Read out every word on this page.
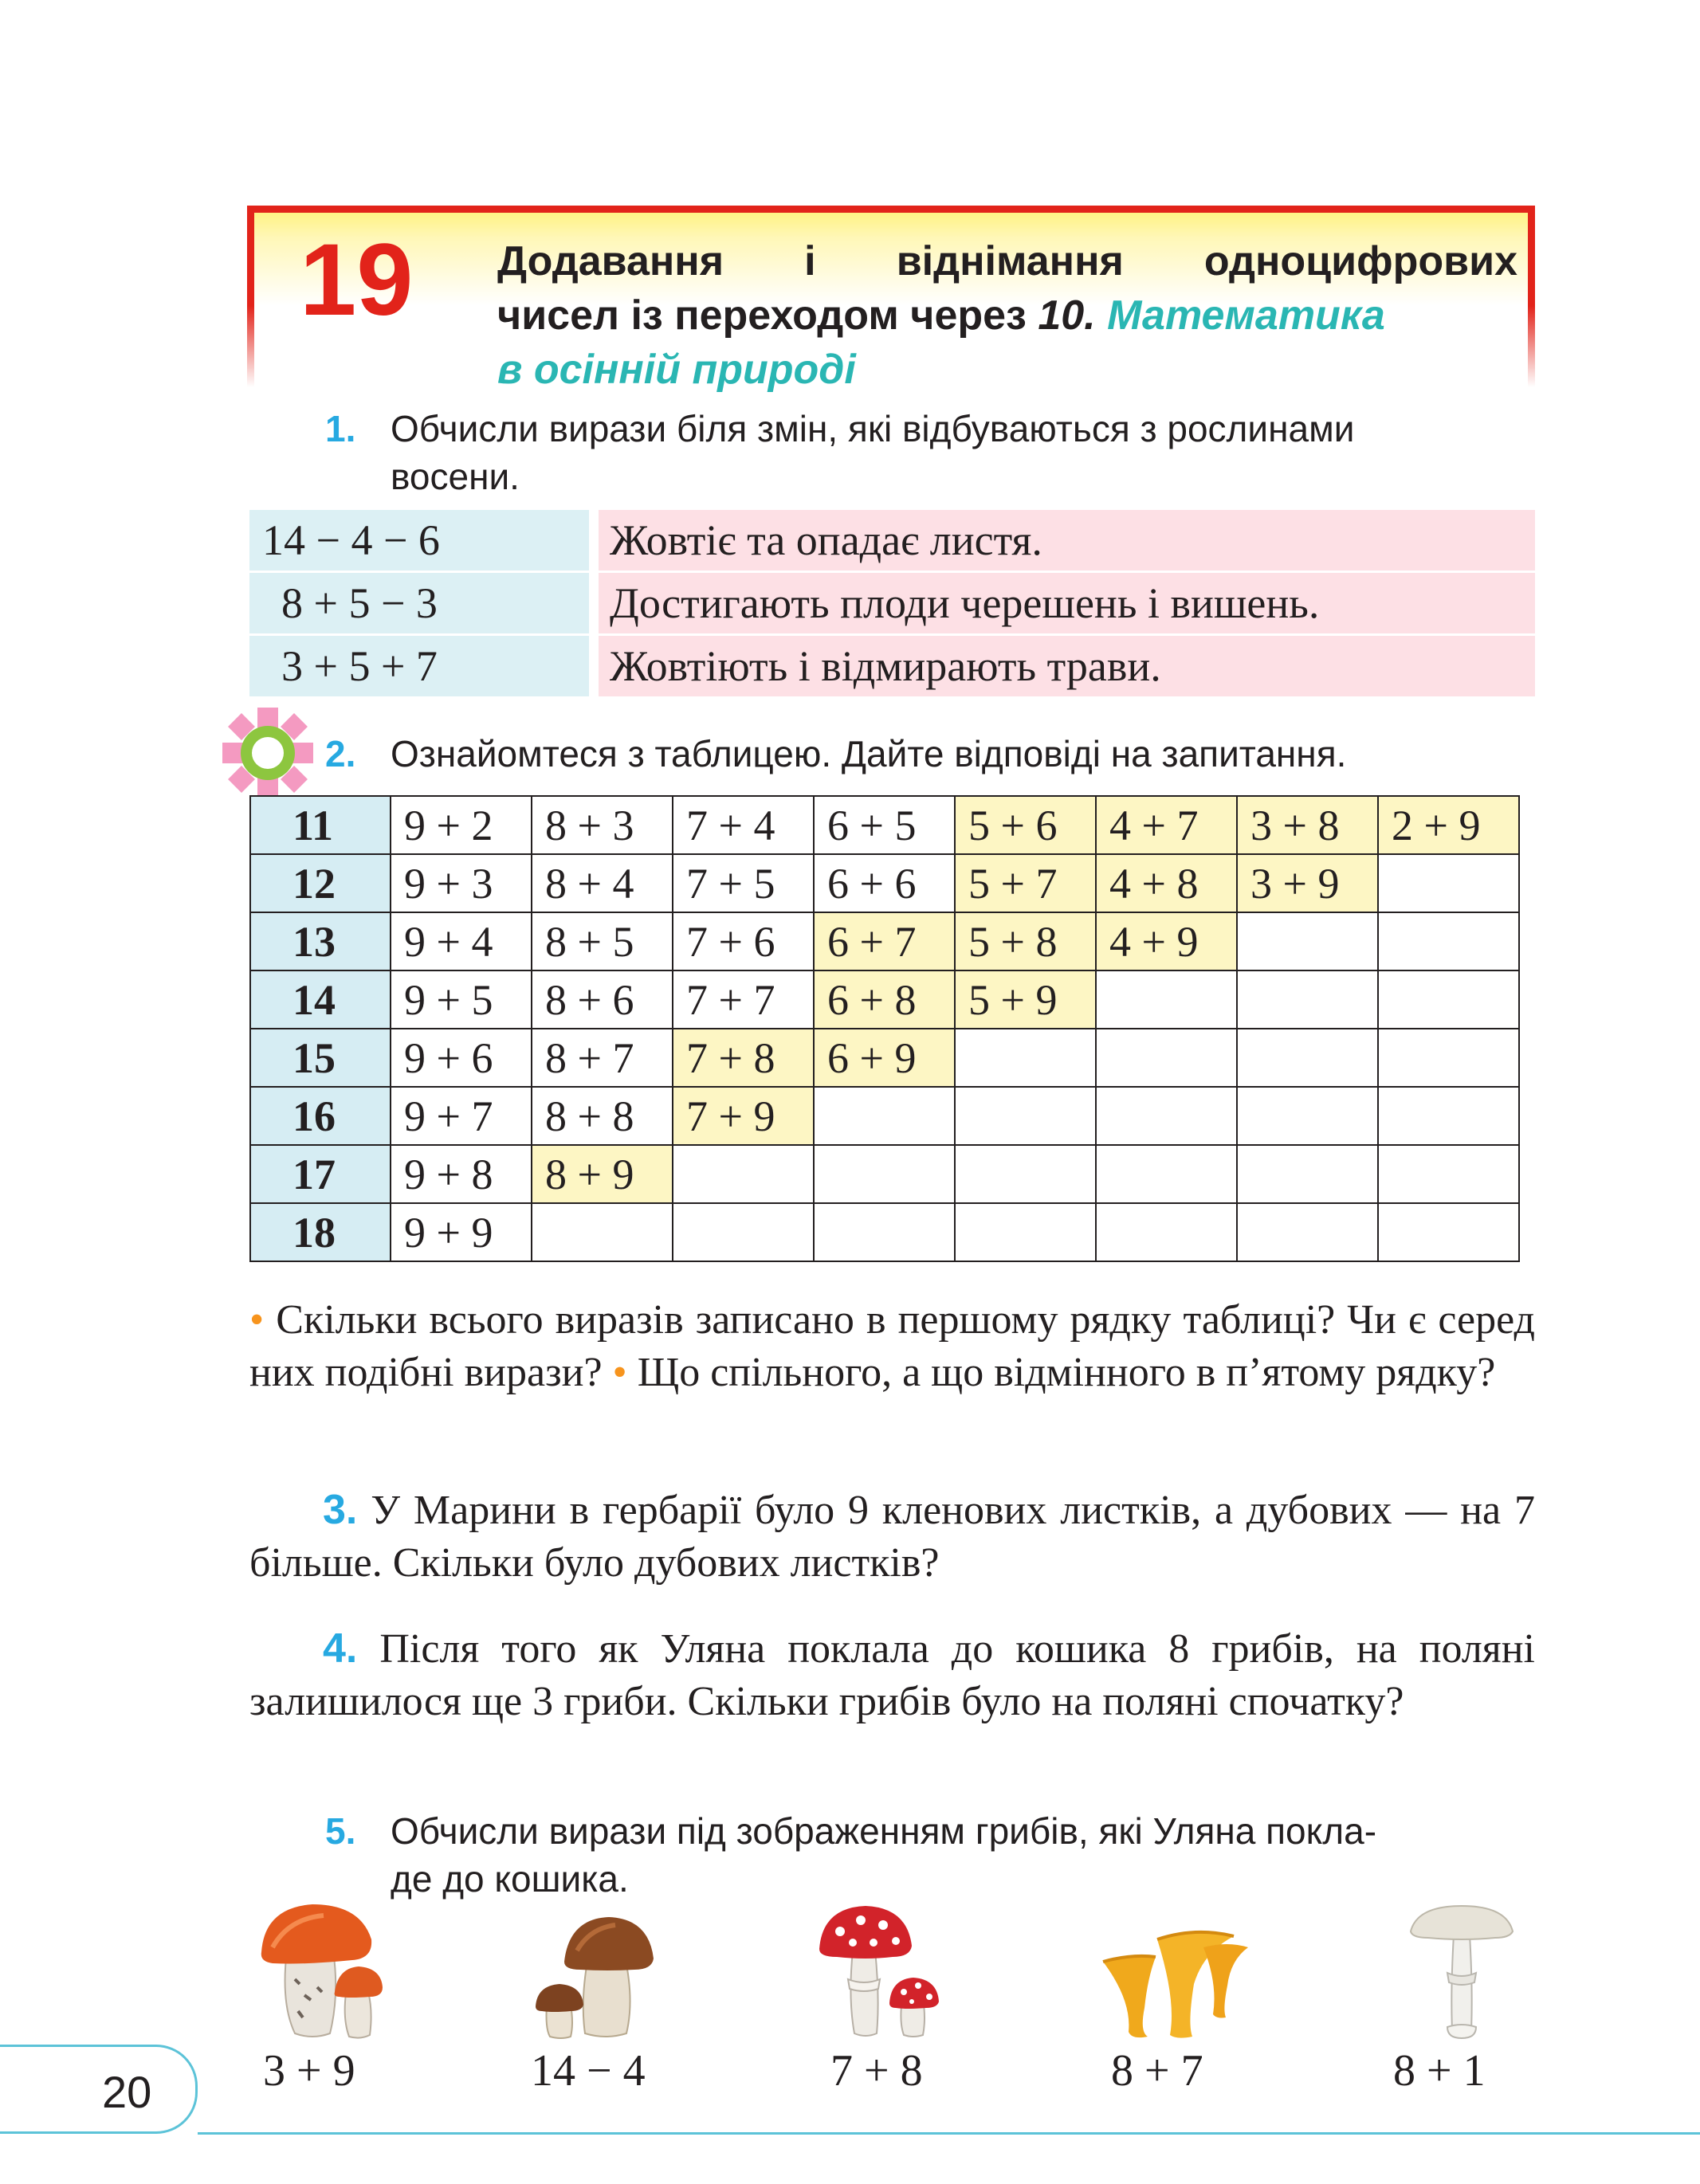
19 Додавання і віднімання одноцифрових
чисел із переходом через 10. Математика
в осінній природі
1. Обчисли вирази біля змін, які відбуваються з рослинами
восени.
14 − 4 − 6	Жовтіє та опадає листя.
8 + 5 − 3	Достигають плоди черешень і вишень.
3 + 5 + 7	Жовтіють і відмирають трави.
2. Ознайомтеся з таблицею. Дайте відповіді на запитання.
11	9 + 2	8 + 3	7 + 4	6 + 5	5 + 6	4 + 7	3 + 8	2 + 9
12	9 + 3	8 + 4	7 + 5	6 + 6	5 + 7	4 + 8	3 + 9	
13	9 + 4	8 + 5	7 + 6	6 + 7	5 + 8	4 + 9		
14	9 + 5	8 + 6	7 + 7	6 + 8	5 + 9			
15	9 + 6	8 + 7	7 + 8	6 + 9				
16	9 + 7	8 + 8	7 + 9					
17	9 + 8	8 + 9						
18	9 + 9							
• Скільки всього виразів записано в першому рядку таблиці? Чи є серед них подібні вирази? • Що спільного, а що відмінного в п’ятому рядку?
3. У Марини в гербарії було 9 кленових листків, а дубових — на 7 більше. Скільки було дубових листків?
4. Після того як Уляна поклала до кошика 8 грибів, на поляні залишилося ще 3 гриби. Скільки грибів було на поляні спочатку?
5. Обчисли вирази під зображенням грибів, які Уляна покла-
де до кошика.
3 + 9	14 − 4	7 + 8	8 + 7	8 + 1
20
